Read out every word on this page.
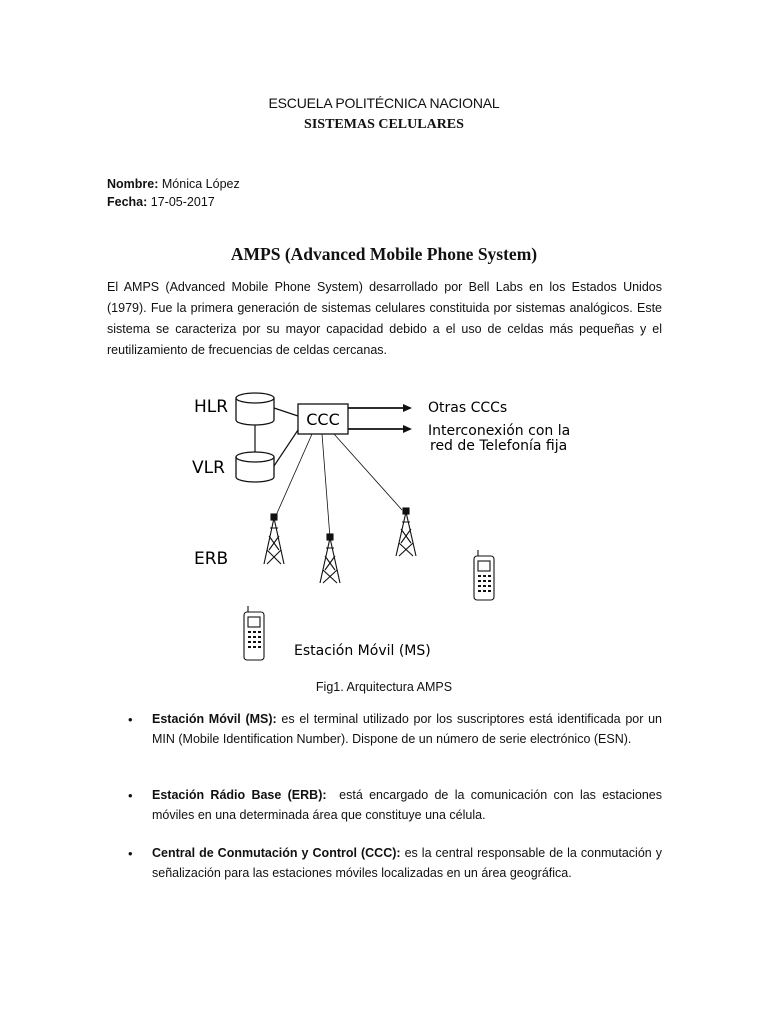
ESCUELA POLITÉCNICA NACIONAL
SISTEMAS CELULARES
Nombre: Mónica López
Fecha: 17-05-2017
AMPS (Advanced Mobile Phone System)
El AMPS (Advanced Mobile Phone System) desarrollado por Bell Labs en los Estados Unidos (1979). Fue la primera generación de sistemas celulares constituida por sistemas analógicos. Este sistema se caracteriza por su mayor capacidad debido a el uso de celdas más pequeñas y el reutilizamiento de frecuencias de celdas cercanas.
HLR
VLR
CCC
Otras CCCs
Interconexión con la
red de Telefonía fija
ERB
Estación Móvil (MS)
Fig1. Arquitectura AMPS
• Estación Móvil (MS): es el terminal utilizado por los suscriptores está identificada por un MIN (Mobile Identification Number). Dispone de un número de serie electrónico (ESN).
• Estación Rádio Base (ERB):  está encargado de la comunicación con las estaciones móviles en una determinada área que constituye una célula.
• Central de Conmutación y Control (CCC): es la central responsable de la conmutación y señalización para las estaciones móviles localizadas en un área geográfica.
